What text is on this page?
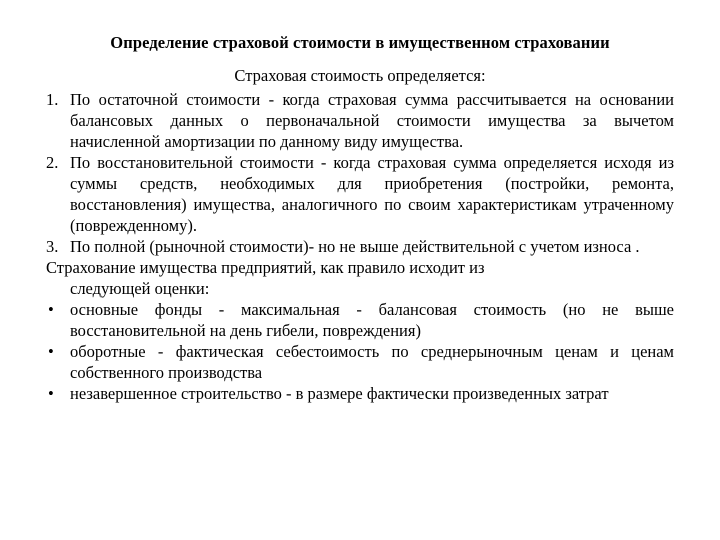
Определение страховой стоимости в имущественном страховании
Страховая стоимость определяется:
1. По остаточной стоимости - когда страховая сумма рассчитывается на основании балансовых данных о первоначальной стоимости имущества за вычетом начисленной амортизации по данному виду имущества.
2. По восстановительной стоимости - когда страховая сумма определяется исходя из суммы средств, необходимых для приобретения (постройки, ремонта, восстановления) имущества, аналогичного по своим характеристикам утраченному (поврежденному).
3. По полной (рыночной стоимости)- но не выше действительной с учетом износа .
Страхование имущества предприятий, как правило исходит из
следующей оценки:
• основные фонды - максимальная - балансовая стоимость (но не выше восстановительной на день гибели, повреждения)
• оборотные - фактическая себестоимость по среднерыночным ценам и ценам собственного производства
• незавершенное строительство - в размере фактически произведенных затрат
